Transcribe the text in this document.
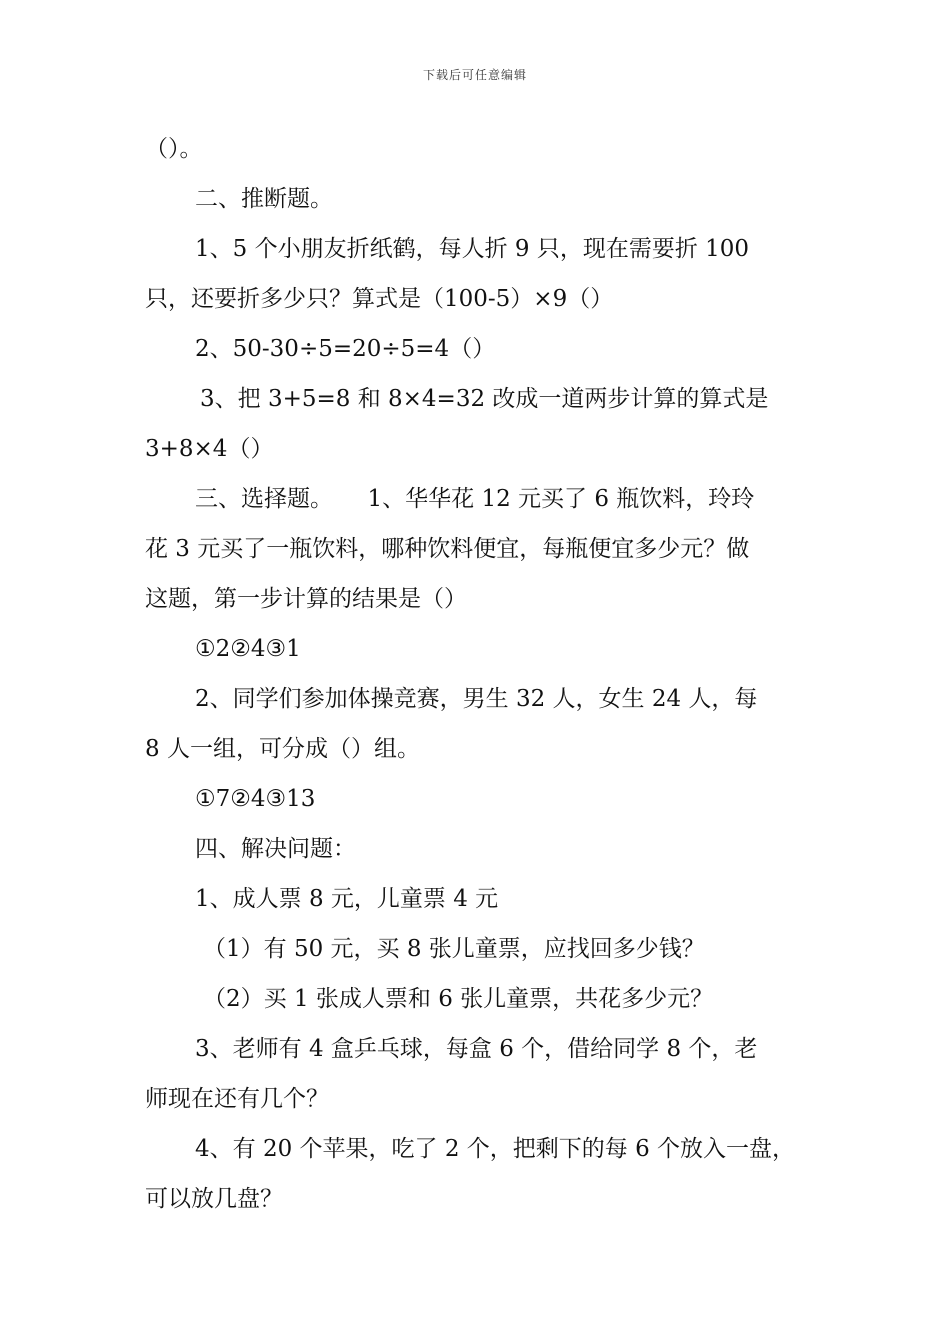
下载后可任意编辑
（）。
二、推断题。
1、5 个小朋友折纸鹤，每人折 9 只，现在需要折 100
只，还要折多少只？算式是（100-5）×9（）
2、50-30÷5=20÷5=4（）
3、把 3+5=8 和 8×4=32 改成一道两步计算的算式是
3+8×4（）
三、选择题。　　1、华华花 12 元买了 6 瓶饮料，玲玲
花 3 元买了一瓶饮料，哪种饮料便宜，每瓶便宜多少元？做
这题，第一步计算的结果是（）
①2②4③1
2、同学们参加体操竞赛，男生 32 人，女生 24 人，每
8 人一组，可分成（）组。
①7②4③13
四、解决问题：
1、成人票 8 元，儿童票 4 元
（1）有 50 元，买 8 张儿童票，应找回多少钱？
（2）买 1 张成人票和 6 张儿童票，共花多少元？
3、老师有 4 盒乒乓球，每盒 6 个，借给同学 8 个，老
师现在还有几个？
4、有 20 个苹果，吃了 2 个，把剩下的每 6 个放入一盘，
可以放几盘？
